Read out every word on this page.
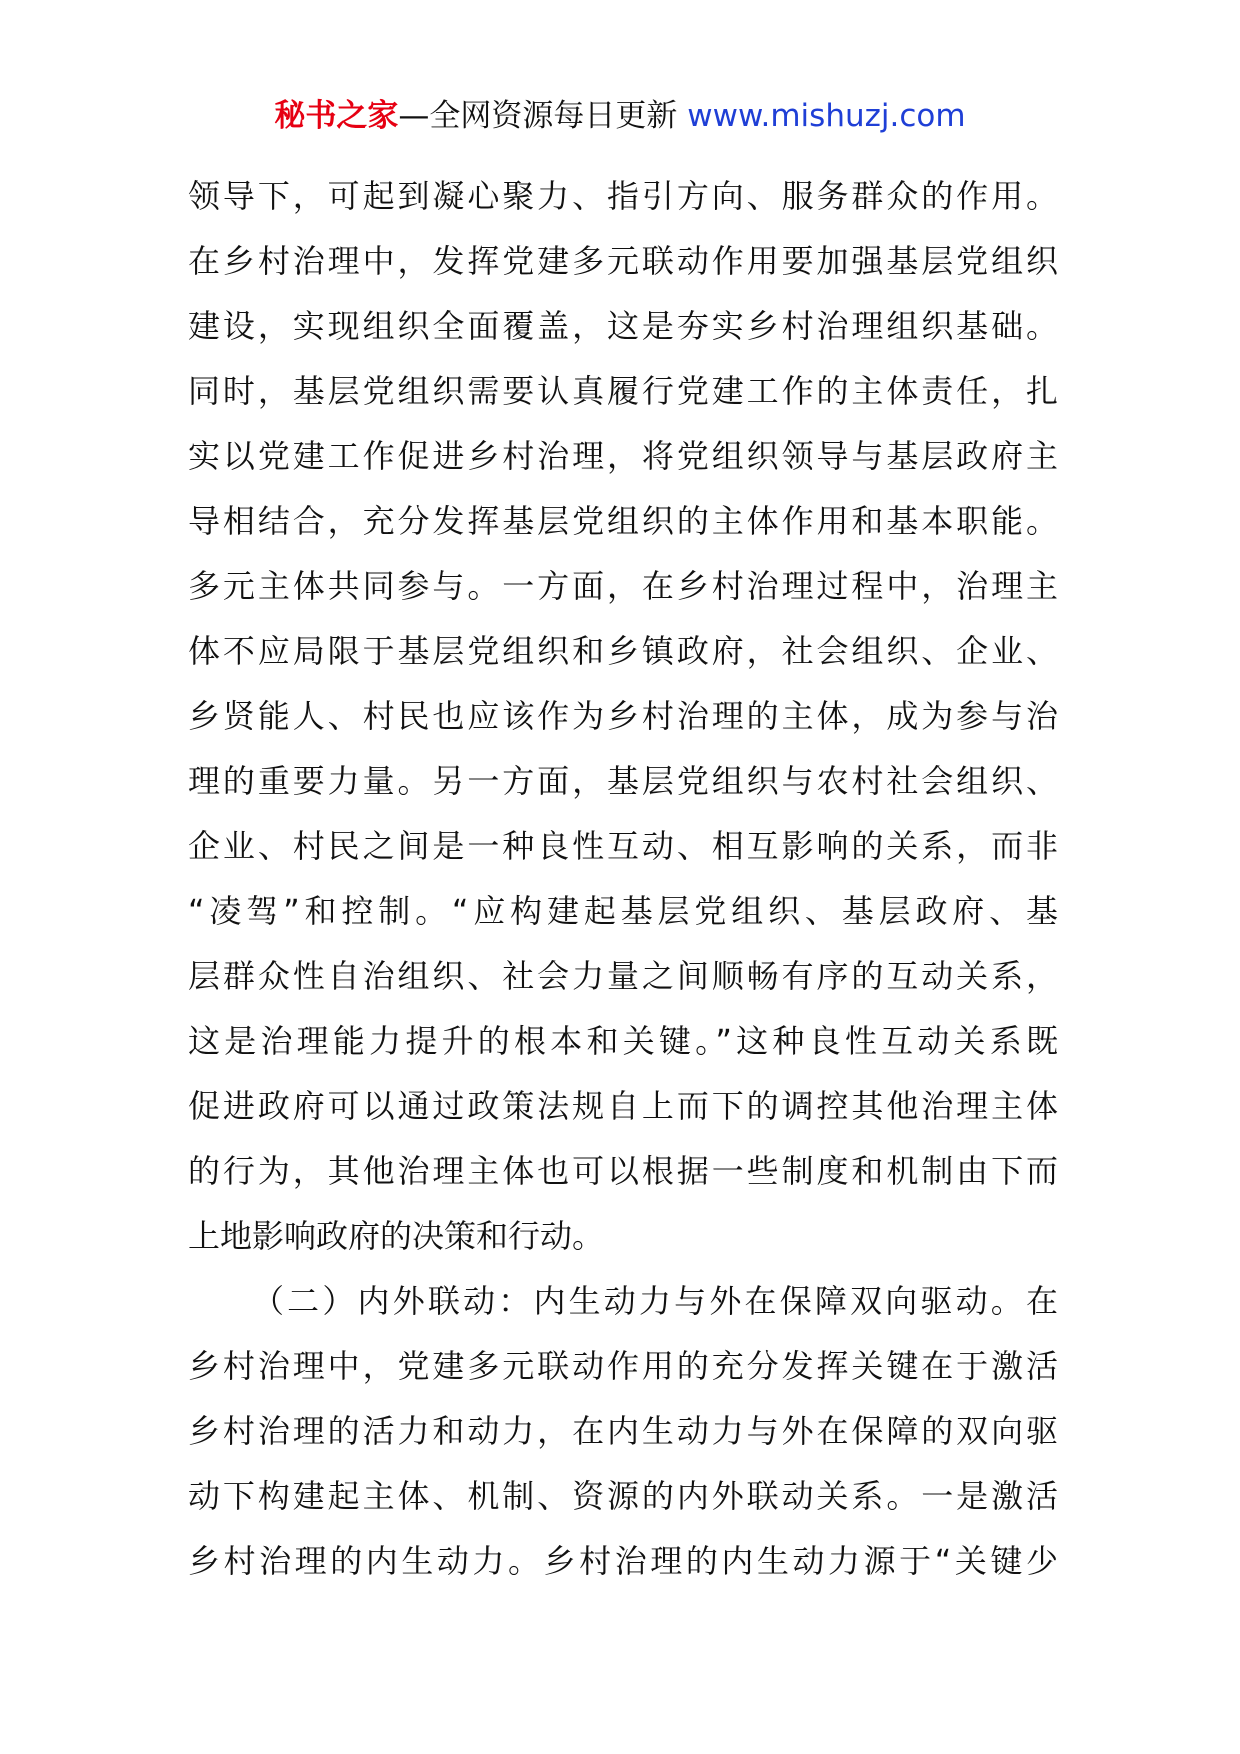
秘书之家—全网资源每日更新 www.mishuzj.com
领导下，可起到凝心聚力、指引方向、服务群众的作用。
在乡村治理中，发挥党建多元联动作用要加强基层党组织
建设，实现组织全面覆盖，这是夯实乡村治理组织基础。
同时，基层党组织需要认真履行党建工作的主体责任，扎
实以党建工作促进乡村治理，将党组织领导与基层政府主
导相结合，充分发挥基层党组织的主体作用和基本职能。
多元主体共同参与。一方面，在乡村治理过程中，治理主
体不应局限于基层党组织和乡镇政府，社会组织、企业、
乡贤能人、村民也应该作为乡村治理的主体，成为参与治
理的重要力量。另一方面，基层党组织与农村社会组织、
企业、村民之间是一种良性互动、相互影响的关系，而非
“凌驾”和控制。“应构建起基层党组织、基层政府、基
层群众性自治组织、社会力量之间顺畅有序的互动关系，
这是治理能力提升的根本和关键。”这种良性互动关系既
促进政府可以通过政策法规自上而下的调控其他治理主体
的行为，其他治理主体也可以根据一些制度和机制由下而
上地影响政府的决策和行动。
（二）内外联动：内生动力与外在保障双向驱动。在
乡村治理中，党建多元联动作用的充分发挥关键在于激活
乡村治理的活力和动力，在内生动力与外在保障的双向驱
动下构建起主体、机制、资源的内外联动关系。一是激活
乡村治理的内生动力。乡村治理的内生动力源于“关键少
